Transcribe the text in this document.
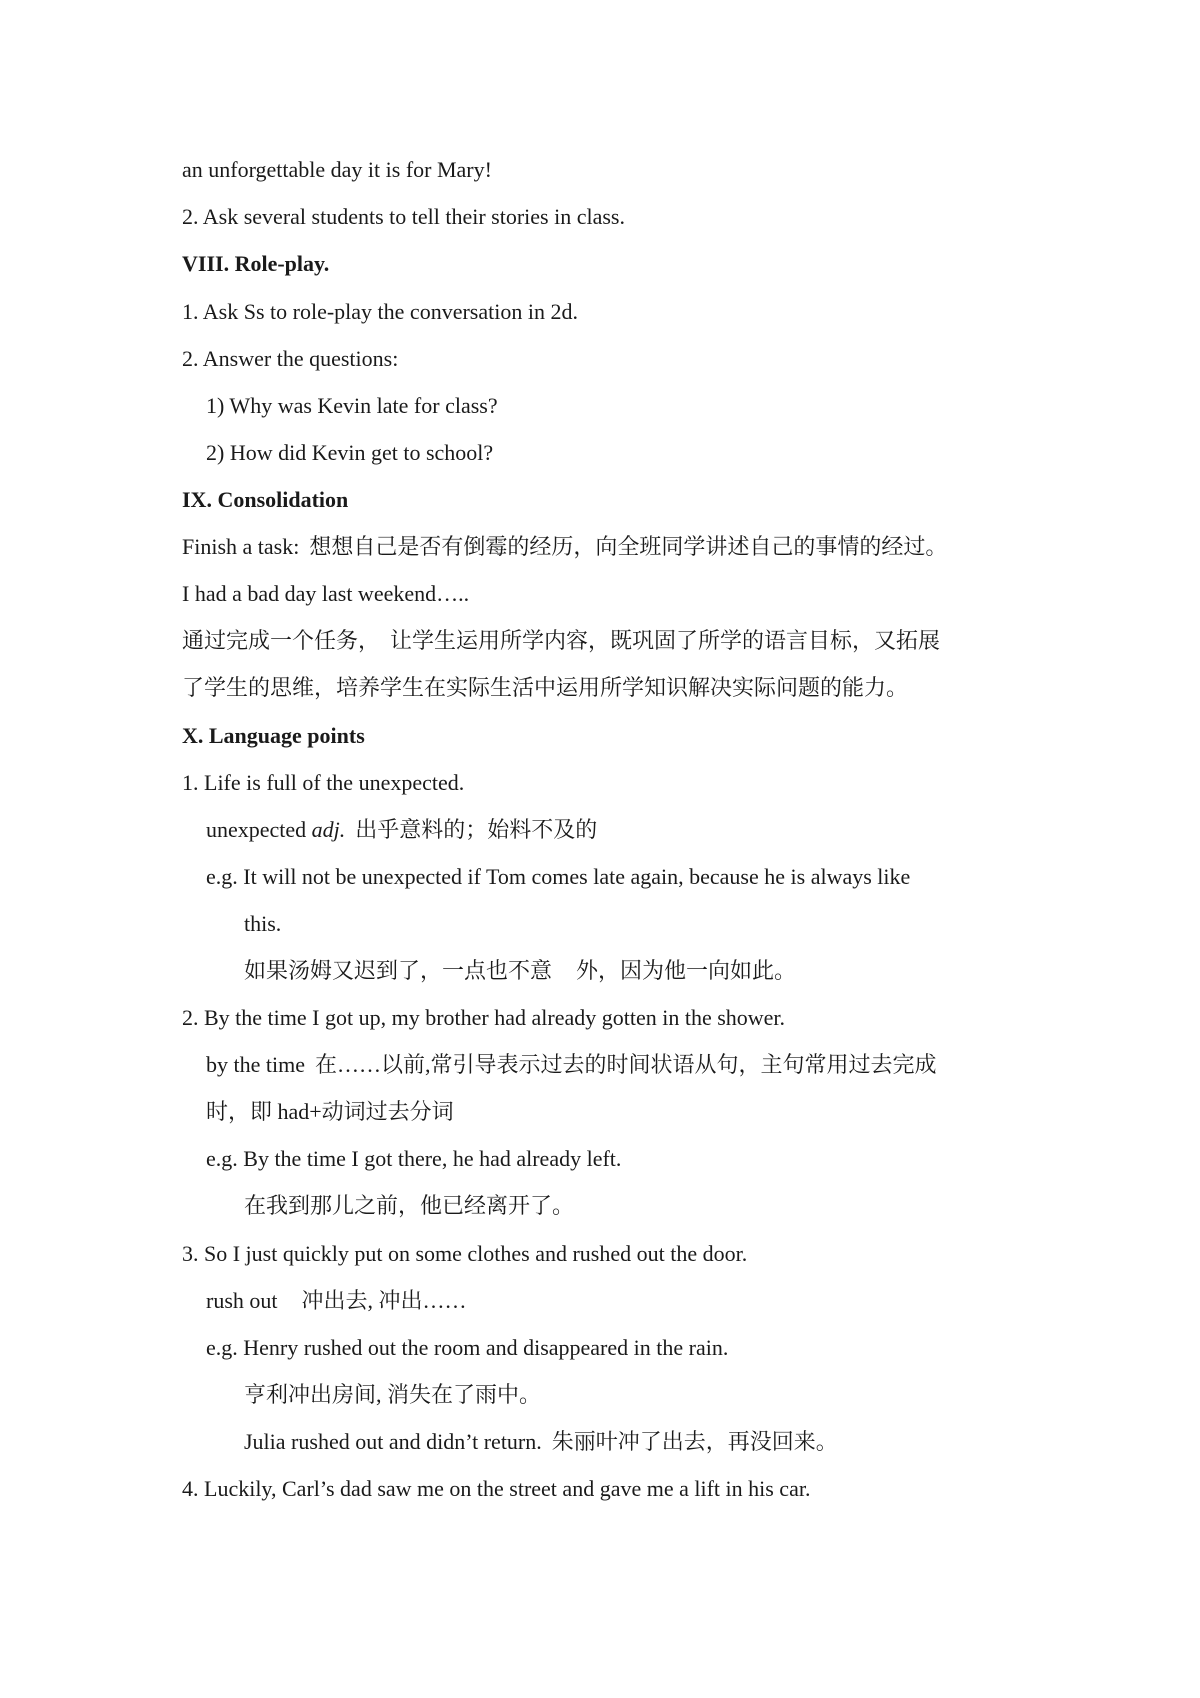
an unforgettable day it is for Mary!
2. Ask several students to tell their stories in class.
VIII. Role-play.
1. Ask Ss to role-play the conversation in 2d.
2. Answer the questions:
1) Why was Kevin late for class?
2) How did Kevin get to school?
IX. Consolidation
Finish a task: 想想自己是否有倒霉的经历，向全班同学讲述自己的事情的经过。
I had a bad day last weekend…..
通过完成一个任务， 让学生运用所学内容，既巩固了所学的语言目标，又拓展
了学生的思维，培养学生在实际生活中运用所学知识解决实际问题的能力。
X. Language points
1. Life is full of the unexpected.
unexpected adj. 出乎意料的；始料不及的
e.g. It will not be unexpected if Tom comes late again, because he is always like
this.
如果汤姆又迟到了，一点也不意 外，因为他一向如此。
2. By the time I got up, my brother had already gotten in the shower.
by the time 在……以前,常引导表示过去的时间状语从句，主句常用过去完成
时，即 had+动词过去分词
e.g. By the time I got there, he had already left.
在我到那儿之前，他已经离开了。
3. So I just quickly put on some clothes and rushed out the door.
rush out 冲出去, 冲出……
e.g. Henry rushed out the room and disappeared in the rain.
亨利冲出房间, 消失在了雨中。
Julia rushed out and didn’t return. 朱丽叶冲了出去，再没回来。
4. Luckily, Carl’s dad saw me on the street and gave me a lift in his car.
